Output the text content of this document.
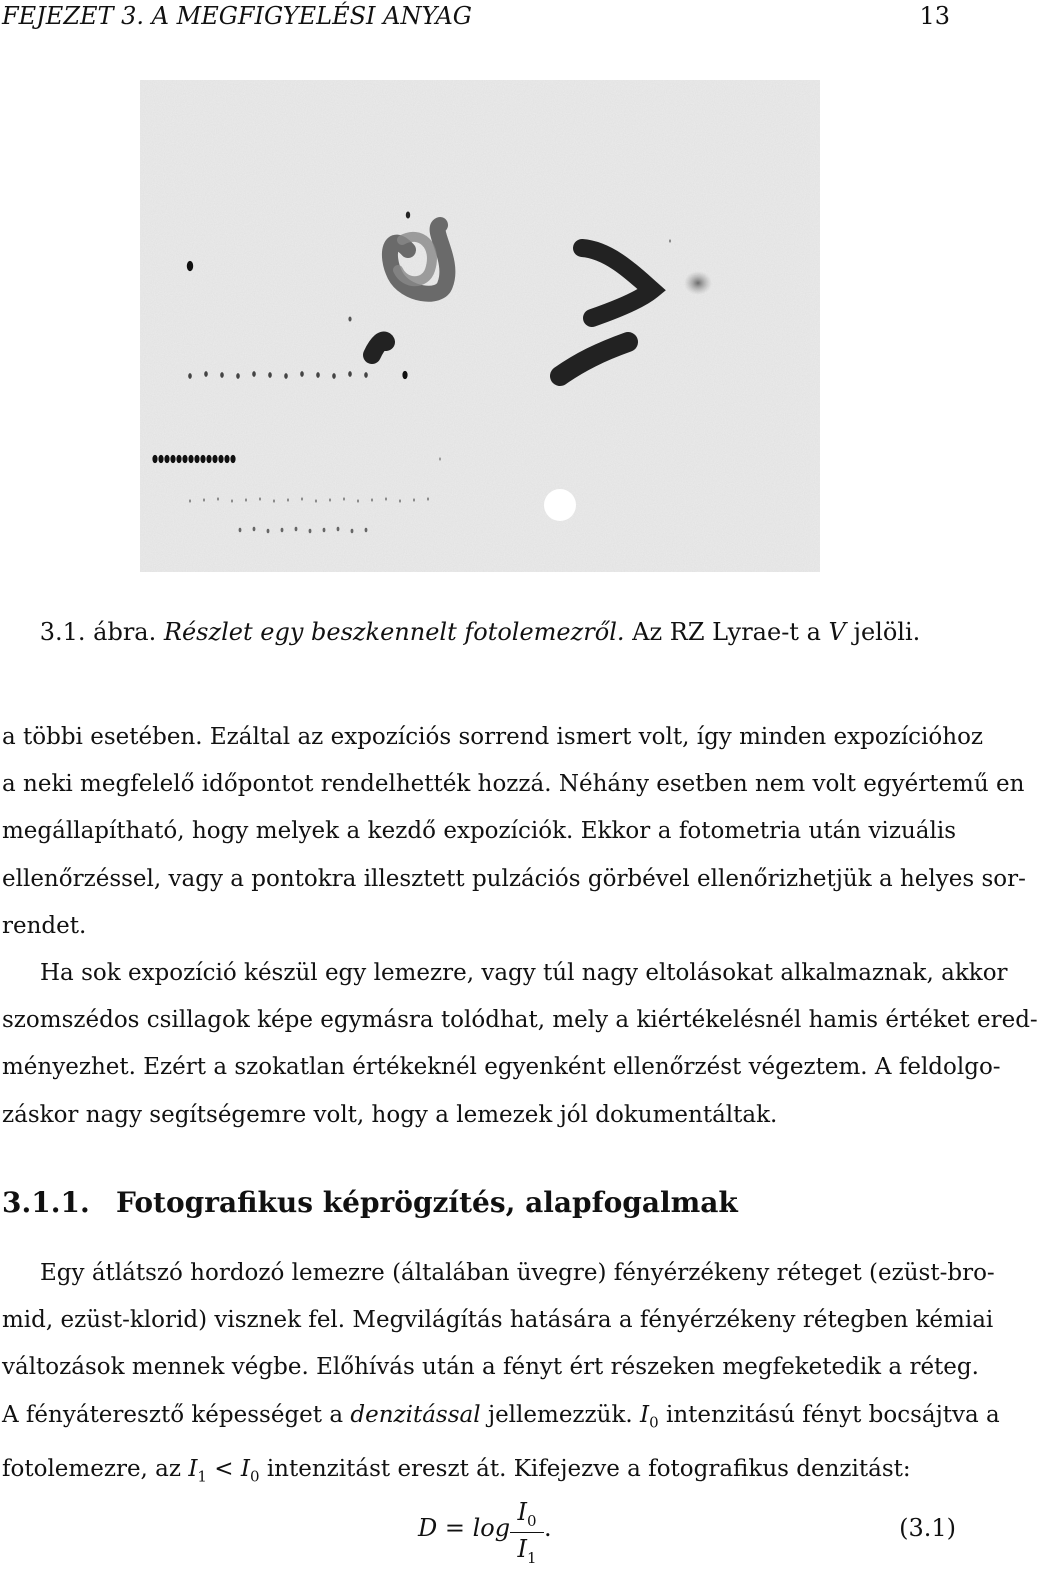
FEJEZET 3. A MEGFIGYELÉSI ANYAG	13
3.1. ábra. Részlet egy beszkennelt fotolemezről. Az RZ Lyrae-t a V jelöli.
a többi esetében. Ezáltal az expozíciós sorrend ismert volt, így minden expozícióhoz
a neki megfelelő időpontot rendelhették hozzá. Néhány esetben nem volt egyértemű en
megállapítható, hogy melyek a kezdő expozíciók. Ekkor a fotometria után vizuális
ellenőrzéssel, vagy a pontokra illesztett pulzációs görbével ellenőrizhetjük a helyes sor-
rendet.
Ha sok expozíció készül egy lemezre, vagy túl nagy eltolásokat alkalmaznak, akkor
szomszédos csillagok képe egymásra tolódhat, mely a kiértékelésnél hamis értéket ered-
ményezhet. Ezért a szokatlan értékeknél egyenként ellenőrzést végeztem. A feldolgo-
záskor nagy segítségemre volt, hogy a lemezek jól dokumentáltak.
3.1.1. Fotografikus képrögzítés, alapfogalmak
Egy átlátszó hordozó lemezre (általában üvegre) fényérzékeny réteget (ezüst-bro-
mid, ezüst-klorid) visznek fel. Megvilágítás hatására a fényérzékeny rétegben kémiai
változások mennek végbe. Előhívás után a fényt ért részeken megfeketedik a réteg.
A fényáteresztő képességet a denzitással jellemezzük. $I_0$ intenzitású fényt bocsájtva a
fotolemezre, az $I_1 < I_0$ intenzitást ereszt át. Kifejezve a fotografikus denzitást:
D = log
$I_0$
$I_1$
.	(3.1)
